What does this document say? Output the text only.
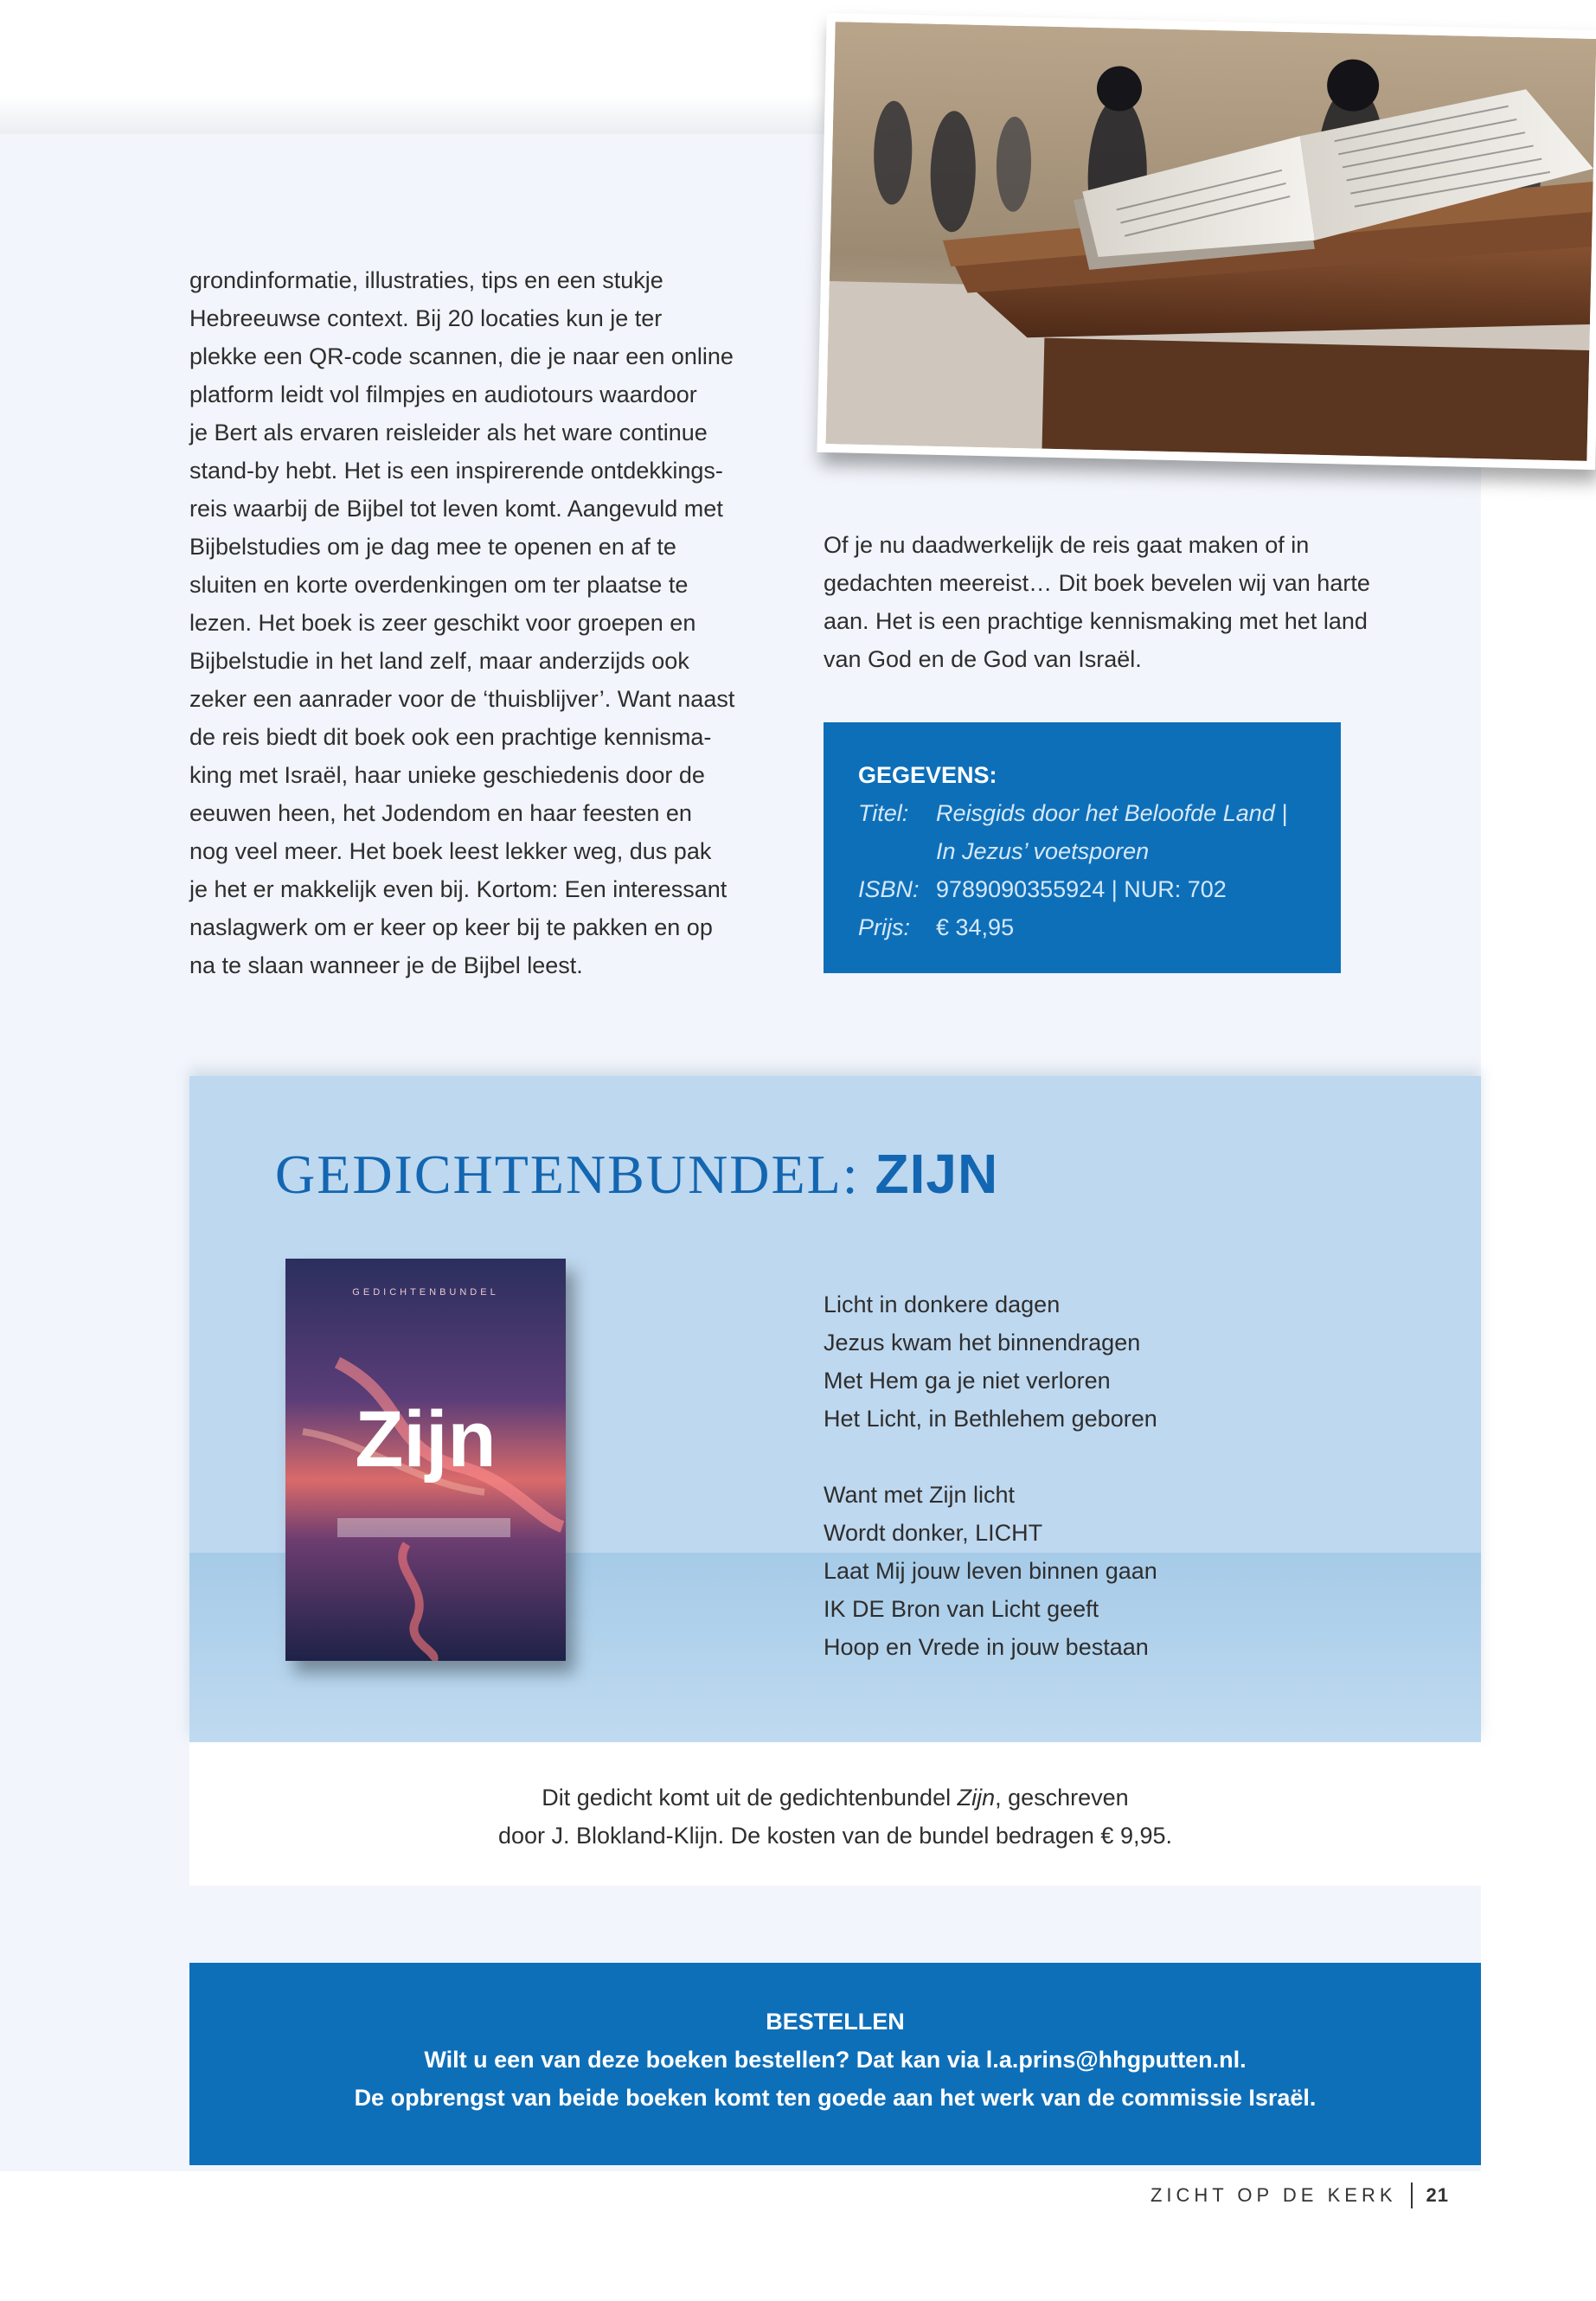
grondinformatie, illustraties, tips en een stukje

Hebreeuwse context. Bij 20 locaties kun je ter

plekke een QR-code scannen, die je naar een online

platform leidt vol filmpjes en audiotours waardoor

je Bert als ervaren reisleider als het ware continue

stand-by hebt. Het is een inspirerende ontdekkings-

reis waarbij de Bijbel tot leven komt. Aangevuld met

Bijbelstudies om je dag mee te openen en af te

sluiten en korte overdenkingen om ter plaatse te

lezen. Het boek is zeer geschikt voor groepen en

Bijbelstudie in het land zelf, maar anderzijds ook

zeker een aanrader voor de ‘thuisblijver’. Want naast

de reis biedt dit boek ook een prachtige kennisma-

king met Israël, haar unieke geschiedenis door de

eeuwen heen, het Jodendom en haar feesten en

nog veel meer. Het boek leest lekker weg, dus pak

je het er makkelijk even bij. Kortom: Een interessant

naslagwerk om er keer op keer bij te pakken en op

na te slaan wanneer je de Bijbel leest.

Of je nu daadwerkelijk de reis gaat maken of in

gedachten meereist… Dit boek bevelen wij van harte

aan. Het is een prachtige kennismaking met het land

van God en de God van Israël.

GEGEVENS:
Titel:	Reisgids door het Beloofde Land |
In Jezus’ voetsporen
ISBN: 9789090355924 | NUR: 702
Prijs:	€ 34,95
GEDICHTENBUNDEL: ZIJN
GEDICHTENBUNDEL
Zijn
Licht in donkere dagen
Jezus kwam het binnendragen
Met Hem ga je niet verloren
Het Licht, in Bethlehem geboren
Want met Zijn licht
Wordt donker, LICHT
Laat Mij jouw leven binnen gaan
IK DE Bron van Licht geeft
Hoop en Vrede in jouw bestaan
Dit gedicht komt uit de gedichtenbundel Zijn, geschreven
door J. Blokland-Klijn. De kosten van de bundel bedragen € 9,95.
BESTELLEN
Wilt u een van deze boeken bestellen? Dat kan via l.a.prins@hhgputten.nl.
De opbrengst van beide boeken komt ten goede aan het werk van de commissie Israël.
ZICHT OP DE KERK 21
